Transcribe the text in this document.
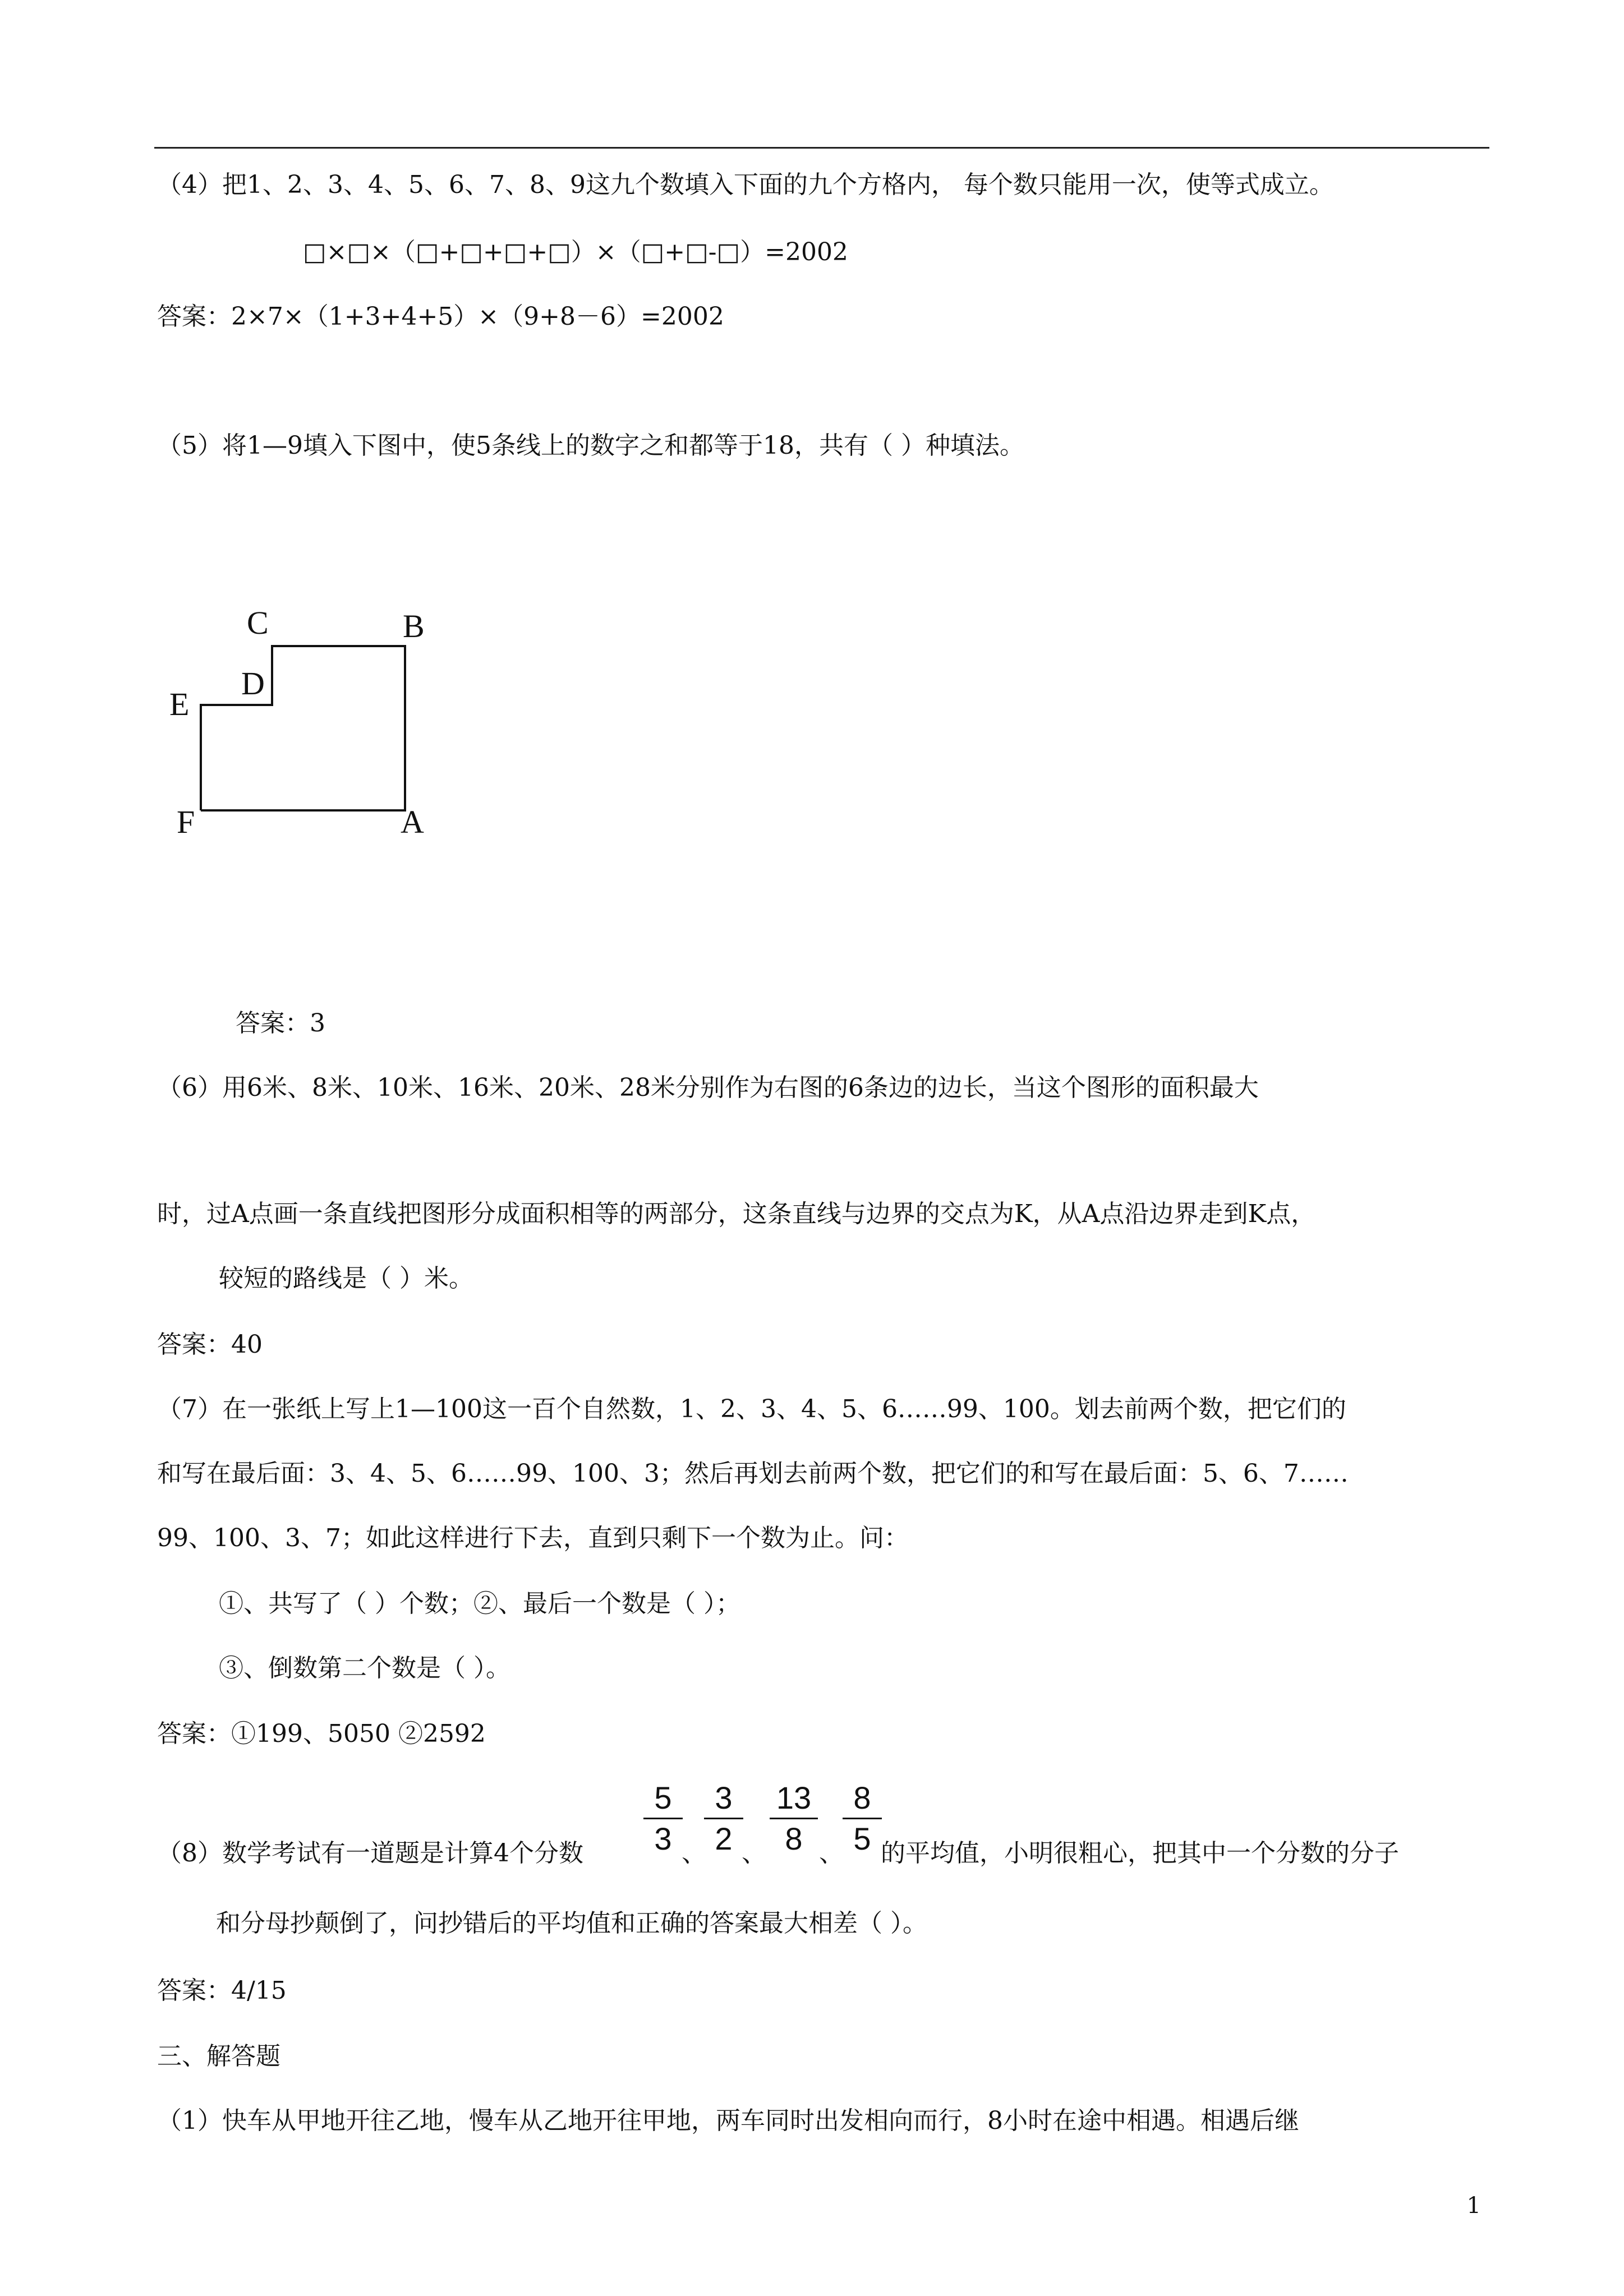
（4）把1、2、3、4、5、6、7、8、9这九个数填入下面的九个方格内， 每个数只能用一次，使等式成立。
□×□×（□+□+□+□）×（□+□-□）=2002
答案：2×7×（1+3+4+5）×（9+8－6）=2002
（5）将1—9填入下图中，使5条线上的数字之和都等于18，共有（ ）种填法。
C	B
D
E
F	A
答案：3
（6）用6米、8米、10米、16米、20米、28米分别作为右图的6条边的边长，当这个图形的面积最大
时，过A点画一条直线把图形分成面积相等的两部分，这条直线与边界的交点为K，从A点沿边界走到K点，
较短的路线是（ ）米。
答案：40
（7）在一张纸上写上1—100这一百个自然数，1、2、3、4、5、6……99、100。划去前两个数，把它们的
和写在最后面：3、4、5、6……99、100、3；然后再划去前两个数，把它们的和写在最后面：5、6、7……
99、100、3、7；如此这样进行下去，直到只剩下一个数为止。问：
①、共写了（ ）个数；②、最后一个数是（ ）；
③、倒数第二个数是（ ）。
答案：①199、5050 ②2592
5
3 、
3
2 、
13
8 、
8
5
（8）数学考试有一道题是计算4个分数	的平均值，小明很粗心，把其中一个分数的分子
和分母抄颠倒了，问抄错后的平均值和正确的答案最大相差（ ）。
答案：4/15
三、解答题
（1）快车从甲地开往乙地，慢车从乙地开往甲地，两车同时出发相向而行，8小时在途中相遇。相遇后继
1
